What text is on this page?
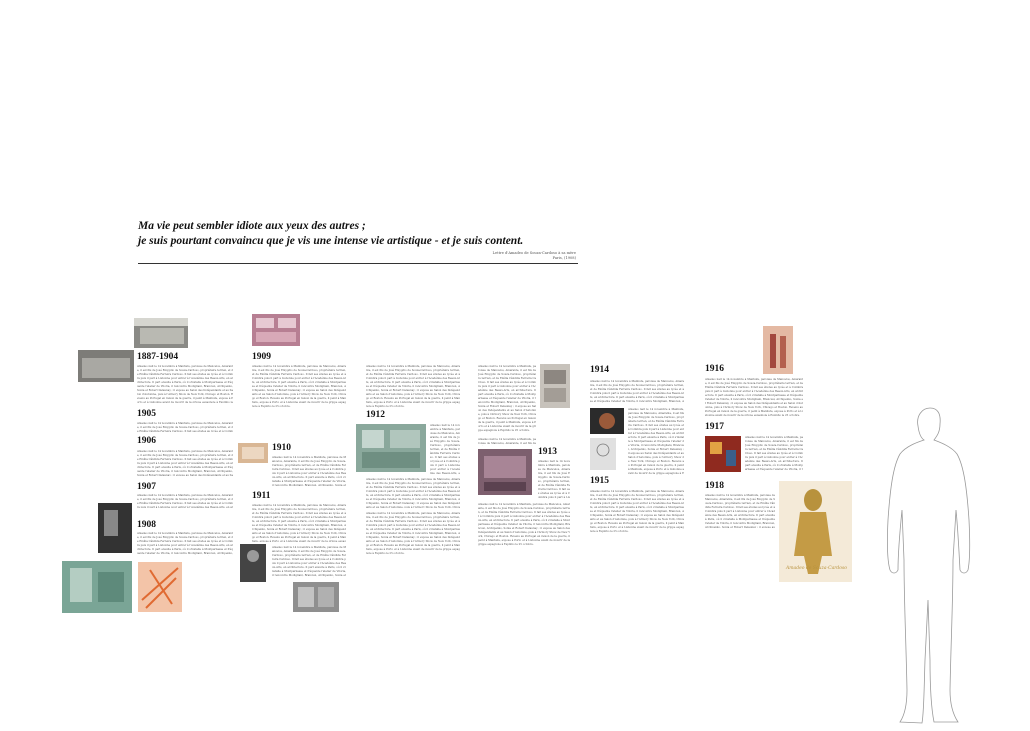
Ma vie peut sembler idiote aux yeux des autres ;
je suis pourtant convaincu que je vis une intense vie artistique - et je suis content.
Lettre d'Amadeo de Souza-Cardoso à sa mère
Paris, (1908)
1887-1904
Amadeo naît le 14 novembre à Manhufe, paroisse de Mancelos, Amarante, il est fils de José Emygdio de Souza-Cardoso, propriétaire terrien, et de Emília Cândida Ferreira Cardoso. Il fait ses études au lycée et à Coimbra puis il part à Lisbonne pour entrer à l'Académie des Beaux-Arts, en architecture. Il part ensuite à Paris, où il s'installe à Montparnasse et fréquente l'atelier de Viloria, il rencontre Modigliani, Brancusi, Archipenko, Sonia et Robert Delaunay ; il expose au Salon des Indépendants et au Salon d'Automne, puis à l'Armory Show de New York, Chicago et Boston. Revenu au Portugal en raison de la guerre, il peint à Manhufe, expose à Porto et à Lisbonne avant de mourir de la grippe espagnole à Espinho le
1905
Amadeo naît le 14 novembre à Manhufe, paroisse de Mancelos, Amarante, il est fils de José Emygdio de Souza-Cardoso, propriétaire terrien, et de Emília Cândida Ferreira Cardoso. Il fait ses études au lycée et à Coimb
1906
Amadeo naît le 14 novembre à Manhufe, paroisse de Mancelos, Amarante, il est fils de José Emygdio de Souza-Cardoso, propriétaire terrien, et de Emília Cândida Ferreira Cardoso. Il fait ses études au lycée et à Coimbra puis il part à Lisbonne pour entrer à l'Académie des Beaux-Arts, en architecture. Il part ensuite à Paris, où il s'installe à Montparnasse et fréquente l'atelier de Viloria, il rencontre Modigliani, Brancusi, Archipenko, Sonia et Robert Delaunay ; il expose au Salon des Indépendants et au Sa
1907
Amadeo naît le 14 novembre à Manhufe, paroisse de Mancelos, Amarante, il est fils de José Emygdio de Souza-Cardoso, propriétaire terrien, et de Emília Cândida Ferreira Cardoso. Il fait ses études au lycée et à Coimbra puis il part à Lisbonne pour entrer à l'Académie des Beaux-Arts, en ar
1908
Amadeo naît le 14 novembre à Manhufe, paroisse de Mancelos, Amarante, il est fils de José Emygdio de Souza-Cardoso, propriétaire terrien, et de Emília Cândida Ferreira Cardoso. Il fait ses études au lycée et à Coimbra puis il part à Lisbonne pour entrer à l'Académie des Beaux-Arts, en architecture. Il part ensuite à Paris, où il s'installe à Montparnasse et fréquente l'atelier de Viloria, il rencontre Modigliani, Brancusi, Archipenko,
1909
Amadeo naît le 14 novembre à Manhufe, paroisse de Mancelos, Amarante, il est fils de José Emygdio de Souza-Cardoso, propriétaire terrien, et de Emília Cândida Ferreira Cardoso. Il fait ses études au lycée et à Coimbra puis il part à Lisbonne pour entrer à l'Académie des Beaux-Arts, en architecture. Il part ensuite à Paris, où il s'installe à Montparnasse et fréquente l'atelier de Viloria, il rencontre Modigliani, Brancusi, Archipenko, Sonia et Robert Delaunay ; il expose au Salon des Indépendants et au Salon d'Automne, puis à l'Armory Show de New York, Chicago et Boston. Revenu au Portugal en raison de la guerre, il peint à Manhufe, expose à Porto et à Lisbonne avant de mourir de la grippe espagnole à Espinho le 25 octobre.
1910
Amadeo naît le 14 novembre à Manhufe, paroisse de Mancelos, Amarante, il est fils de José Emygdio de Souza-Cardoso, propriétaire terrien, et de Emília Cândida Ferreira Cardoso. Il fait ses études au lycée et à Coimbra puis il part à Lisbonne pour entrer à l'Académie des Beaux-Arts, en architecture. Il part ensuite à Paris, où il s'installe à Montparnasse et fréquente l'atelier de Viloria, il rencontre Modigliani, Brancusi, Archipenko, Sonia et
1911
Amadeo naît le 14 novembre à Manhufe, paroisse de Mancelos, Amarante, il est fils de José Emygdio de Souza-Cardoso, propriétaire terrien, et de Emília Cândida Ferreira Cardoso. Il fait ses études au lycée et à Coimbra puis il part à Lisbonne pour entrer à l'Académie des Beaux-Arts, en architecture. Il part ensuite à Paris, où il s'installe à Montparnasse et fréquente l'atelier de Viloria, il rencontre Modigliani, Brancusi, Archipenko, Sonia et Robert Delaunay ; il expose au Salon des Indépendants et au Salon d'Automne, puis à l'Armory Show de New York, Chicago et Boston. Revenu au Portugal en raison de la guerre, il peint à Manhufe, expose à Porto et à Lisbonne avant de mourir de la grippe espag
Amadeo naît le 14 novembre à Manhufe, paroisse de Mancelos, Amarante, il est fils de José Emygdio de Souza-Cardoso, propriétaire terrien, et de Emília Cândida Ferreira Cardoso. Il fait ses études au lycée et à Coimbra puis il part à Lisbonne pour entrer à l'Académie des Beaux-Arts, en architecture. Il part ensuite à Paris, où il s'installe à Montparnasse et fréquente l'atelier de Viloria, il rencontre Modigliani, Brancusi, Archipenko, Sonia et
Amadeo naît le 14 novembre à Manhufe, paroisse de Mancelos, Amarante, il est fils de José Emygdio de Souza-Cardoso, propriétaire terrien, et de Emília Cândida Ferreira Cardoso. Il fait ses études au lycée et à Coimbra puis il part à Lisbonne pour entrer à l'Académie des Beaux-Arts, en architecture. Il part ensuite à Paris, où il s'installe à Montparnasse et fréquente l'atelier de Viloria, il rencontre Modigliani, Brancusi, Archipenko, Sonia et Robert Delaunay ; il expose au Salon des Indépendants et au Salon d'Automne, puis à l'Armory Show de New York, Chicago et Boston. Revenu au Portugal en raison de la guerre, il peint à Manhufe, expose à Porto et à Lisbonne avant de mourir de la grippe espagnole à Espinho le 25 octobre.
1912
Amadeo naît le 14 novembre à Manhufe, paroisse de Mancelos, Amarante, il est fils de José Emygdio de Souza-Cardoso, propriétaire terrien, et de Emília Cândida Ferreira Cardoso. Il fait ses études au lycée et à Coimbra puis il part à Lisbonne pour entrer à l'Académie des Beaux-Arts, e
Amadeo naît le 14 novembre à Manhufe, paroisse de Mancelos, Amarante, il est fils de José Emygdio de Souza-Cardoso, propriétaire terrien, et de Emília Cândida Ferreira Cardoso. Il fait ses études au lycée et à Coimbra puis il part à Lisbonne pour entrer à l'Académie des Beaux-Arts, en architecture. Il part ensuite à Paris, où il s'installe à Montparnasse et fréquente l'atelier de Viloria, il rencontre Modigliani, Brancusi, Archipenko, Sonia et Robert Delaunay ; il expose au Salon des Indépendants et au Salon d'Automne, puis à l'Armory Show de New York, Chica
Amadeo naît le 14 novembre à Manhufe, paroisse de Mancelos, Amarante, il est fils de José Emygdio de Souza-Cardoso, propriétaire terrien, et de Emília Cândida Ferreira Cardoso. Il fait ses études au lycée et à Coimbra puis il part à Lisbonne pour entrer à l'Académie des Beaux-Arts, en architecture. Il part ensuite à Paris, où il s'installe à Montparnasse et fréquente l'atelier de Viloria, il rencontre Modigliani, Brancusi, Archipenko, Sonia et Robert Delaunay ; il expose au Salon des Indépendants et au Salon d'Automne, puis à l'Armory Show de New York, Chicago et Boston. Revenu au Portugal en raison de la guerre, il peint à Manhufe, expose à Porto et à Lisbonne avant de mourir de la grippe espagnole à Espinho le 25 octobre.
Amadeo naît le 14 novembre à Manhufe, paroisse de Mancelos, Amarante, il est fils de José Emygdio de Souza-Cardoso, propriétaire terrien, et de Emília Cândida Ferreira Cardoso. Il fait ses études au lycée et à Coimbra puis il part à Lisbonne pour entrer à l'Académie des Beaux-Arts, en architecture. Il part ensuite à Paris, où il s'installe à Montparnasse et fréquente l'atelier de Viloria, il rencontre Modigliani, Brancusi, Archipenko, Sonia et Robert Delaunay ; il expose au Salon des Indépendants et au Salon d'Automne, puis à l'Armory Show de New York, Chicago et Boston. Revenu au Portugal en raison de la guerre, il peint à Manhufe, expose à Porto et à Lisbonne avant de mourir de la grippe espagnole à Espinho le 25 octobre.
Amadeo naît le 14 novembre à Manhufe, paroisse de Mancelos, Amarante, il est fils de
1913
Amadeo naît le 14 novembre à Manhufe, paroisse de Mancelos, Amarante, il est fils de José Emygdio de Souza-Cardoso, propriétaire terrien, et de Emília Cândida Ferreira Cardoso. Il fait ses études au lycée et à Coimbra puis il part à Lis
Amadeo naît le 14 novembre à Manhufe, paroisse de Mancelos, Amarante, il est fils de José Emygdio de Souza-Cardoso, propriétaire terrien, et de Emília Cândida Ferreira Cardoso. Il fait ses études au lycée et à Coimbra puis il part à Lisbonne pour entrer à l'Académie des Beaux-Arts, en architecture. Il part ensuite à Paris, où il s'installe à Montparnasse et fréquente l'atelier de Viloria, il rencontre Modigliani, Brancusi, Archipenko, Sonia et Robert Delaunay ; il expose au Salon des Indépendants et au Salon d'Automne, puis à l'Armory Show de New York, Chicago et Boston. Revenu au Portugal en raison de la guerre, il peint à Manhufe, expose à Porto et à Lisbonne avant de mourir de la grippe espagnole à Espinho le 25 octobre.
1914
Amadeo naît le 14 novembre à Manhufe, paroisse de Mancelos, Amarante, il est fils de José Emygdio de Souza-Cardoso, propriétaire terrien, et de Emília Cândida Ferreira Cardoso. Il fait ses études au lycée et à Coimbra puis il part à Lisbonne pour entrer à l'Académie des Beaux-Arts, en architecture. Il part ensuite à Paris, où il s'installe à Montparnasse et fréquente l'atelier de Viloria, il rencontre Modigliani, Brancusi, A
Amadeo naît le 14 novembre à Manhufe, paroisse de Mancelos, Amarante, il est fils de José Emygdio de Souza-Cardoso, propriétaire terrien, et de Emília Cândida Ferreira Cardoso. Il fait ses études au lycée et à Coimbra puis il part à Lisbonne pour entrer à l'Académie des Beaux-Arts, en architecture. Il part ensuite à Paris, où il s'installe à Montparnasse et fréquente l'atelier de Viloria, il rencontre Modigliani, Brancusi, Archipenko, Sonia et Robert Delaunay ; il expose au Salon des Indépendants et au Salon d'Automne, puis à l'Armory Show de New York, Chicago et Boston. Revenu au Portugal en raison de la guerre, il peint à Manhufe, expose à Porto et à Lisbonne avant de mourir de la grippe espagnole à E
1915
Amadeo naît le 14 novembre à Manhufe, paroisse de Mancelos, Amarante, il est fils de José Emygdio de Souza-Cardoso, propriétaire terrien, et de Emília Cândida Ferreira Cardoso. Il fait ses études au lycée et à Coimbra puis il part à Lisbonne pour entrer à l'Académie des Beaux-Arts, en architecture. Il part ensuite à Paris, où il s'installe à Montparnasse et fréquente l'atelier de Viloria, il rencontre Modigliani, Brancusi, Archipenko, Sonia et Robert Delaunay ; il expose au Salon des Indépendants et au Salon d'Automne, puis à l'Armory Show de New York, Chicago et Boston. Revenu au Portugal en raison de la guerre, il peint à Manhufe, expose à Porto et à Lisbonne avant de mourir de la grippe espagnole à Espinho le 25 octobre.
1916
Amadeo naît le 14 novembre à Manhufe, paroisse de Mancelos, Amarante, il est fils de José Emygdio de Souza-Cardoso, propriétaire terrien, et de Emília Cândida Ferreira Cardoso. Il fait ses études au lycée et à Coimbra puis il part à Lisbonne pour entrer à l'Académie des Beaux-Arts, en architecture. Il part ensuite à Paris, où il s'installe à Montparnasse et fréquente l'atelier de Viloria, il rencontre Modigliani, Brancusi, Archipenko, Sonia et Robert Delaunay ; il expose au Salon des Indépendants et au Salon d'Automne, puis à l'Armory Show de New York, Chicago et Boston. Revenu au Portugal en raison de la guerre, il peint à Manhufe, expose à Porto et à Lisbonne avant de mourir de la grippe espagnole à Espinho le 25 octobre.
1917
Amadeo naît le 14 novembre à Manhufe, paroisse de Mancelos, Amarante, il est fils de José Emygdio de Souza-Cardoso, propriétaire terrien, et de Emília Cândida Ferreira Cardoso. Il fait ses études au lycée et à Coimbra puis il part à Lisbonne pour entrer à l'Académie des Beaux-Arts, en architecture. Il part ensuite à Paris, où il s'installe à Montparnasse et fréquente l'atelier de Viloria, il r
1918
Amadeo naît le 14 novembre à Manhufe, paroisse de Mancelos, Amarante, il est fils de José Emygdio de Souza-Cardoso, propriétaire terrien, et de Emília Cândida Ferreira Cardoso. Il fait ses études au lycée et à Coimbra puis il part à Lisbonne pour entrer à l'Académie des Beaux-Arts, en architecture. Il part ensuite à Paris, où il s'installe à Montparnasse et fréquente l'atelier de Viloria, il rencontre Modigliani, Brancusi, Archipenko, Sonia et Robert Delaunay ; il expose au
Amadeo de Souza-Cardoso
